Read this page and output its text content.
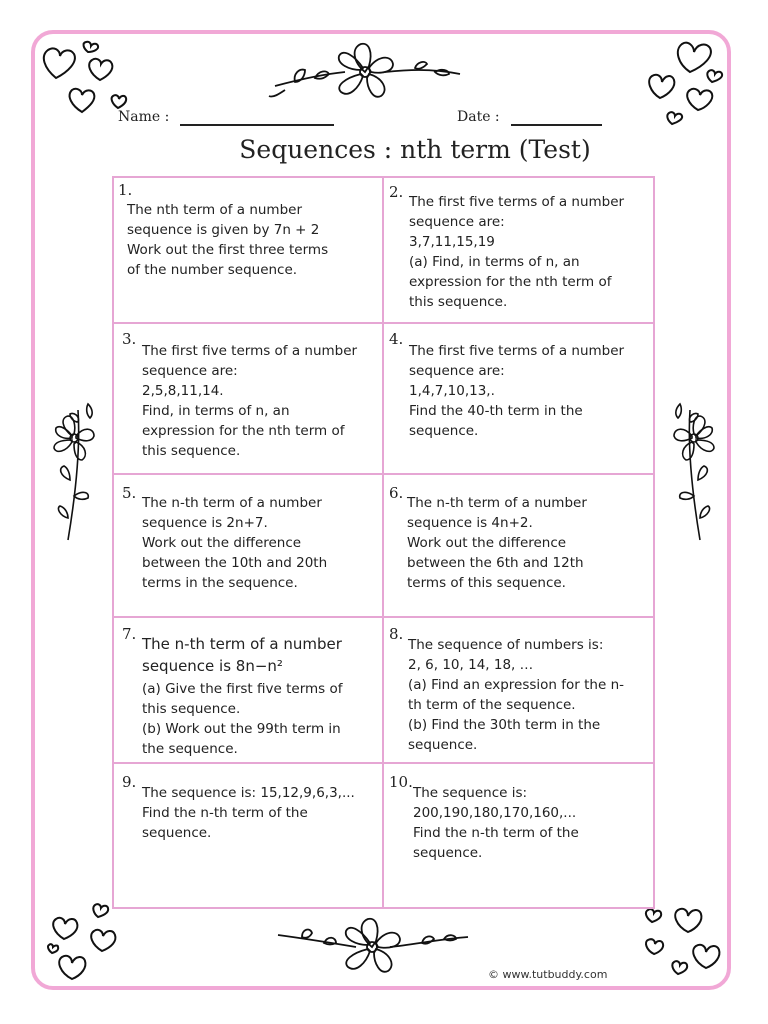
Name :	Date :
Sequences : nth term (Test)
1.
The nth term of a number
sequence is given by 7n + 2
Work out the first three terms
of the number sequence.
2.
The first five terms of a number
sequence are:
3,7,11,15,19
(a) Find, in terms of n, an
expression for the nth term of
this sequence.
3.
The first five terms of a number
sequence are:
2,5,8,11,14.
Find, in terms of n, an
expression for the nth term of
this sequence.
4.
The first five terms of a number
sequence are:
1,4,7,10,13,.
Find the 40-th term in the
sequence.
5.
The n-th term of a number
sequence is 2n+7.
Work out the difference
between the 10th and 20th
terms in the sequence.
6.
The n-th term of a number
sequence is 4n+2.
Work out the difference
between the 6th and 12th
terms of this sequence.
7.
The n-th term of a number
sequence is 8n−n²
(a) Give the first five terms of
this sequence.
(b) Work out the 99th term in
the sequence.
8.
The sequence of numbers is:
2, 6, 10, 14, 18, …
(a) Find an expression for the n-
th term of the sequence.
(b) Find the 30th term in the
sequence.
9.
The sequence is: 15,12,9,6,3,...
Find the n-th term of the
sequence.
10.
The sequence is:
200,190,180,170,160,...
Find the n-th term of the
sequence.
© www.tutbuddy.com
